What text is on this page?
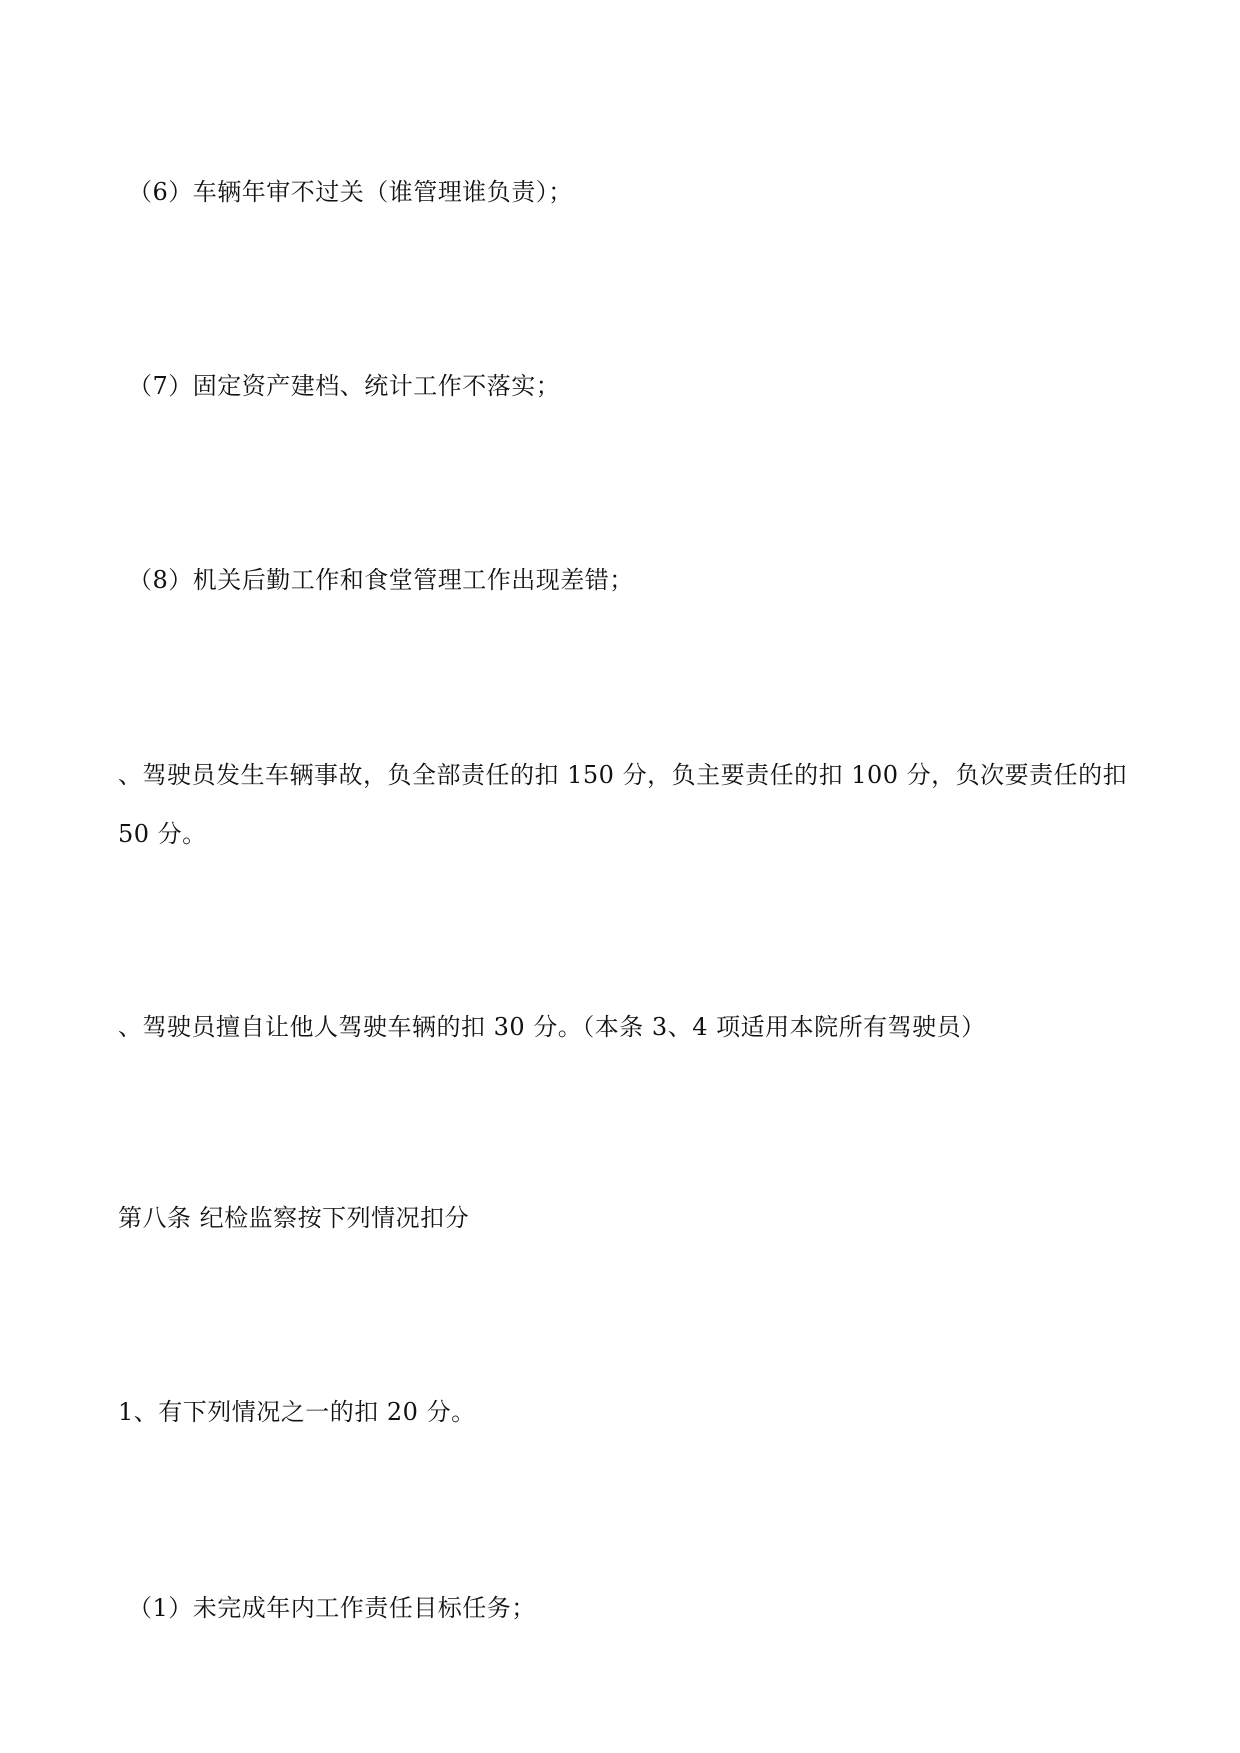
（6）车辆年审不过关（谁管理谁负责）；

（7）固定资产建档、统计工作不落实；

（8）机关后勤工作和食堂管理工作出现差错；

、驾驶员发生车辆事故，负全部责任的扣 150 分，负主要责任的扣 100 分，负次要责任的扣

50 分。

、驾驶员擅自让他人驾驶车辆的扣 30 分。（本条 3、4 项适用本院所有驾驶员）

第八条 纪检监察按下列情况扣分

1、有下列情况之一的扣 20 分。

（1）未完成年内工作责任目标任务；
